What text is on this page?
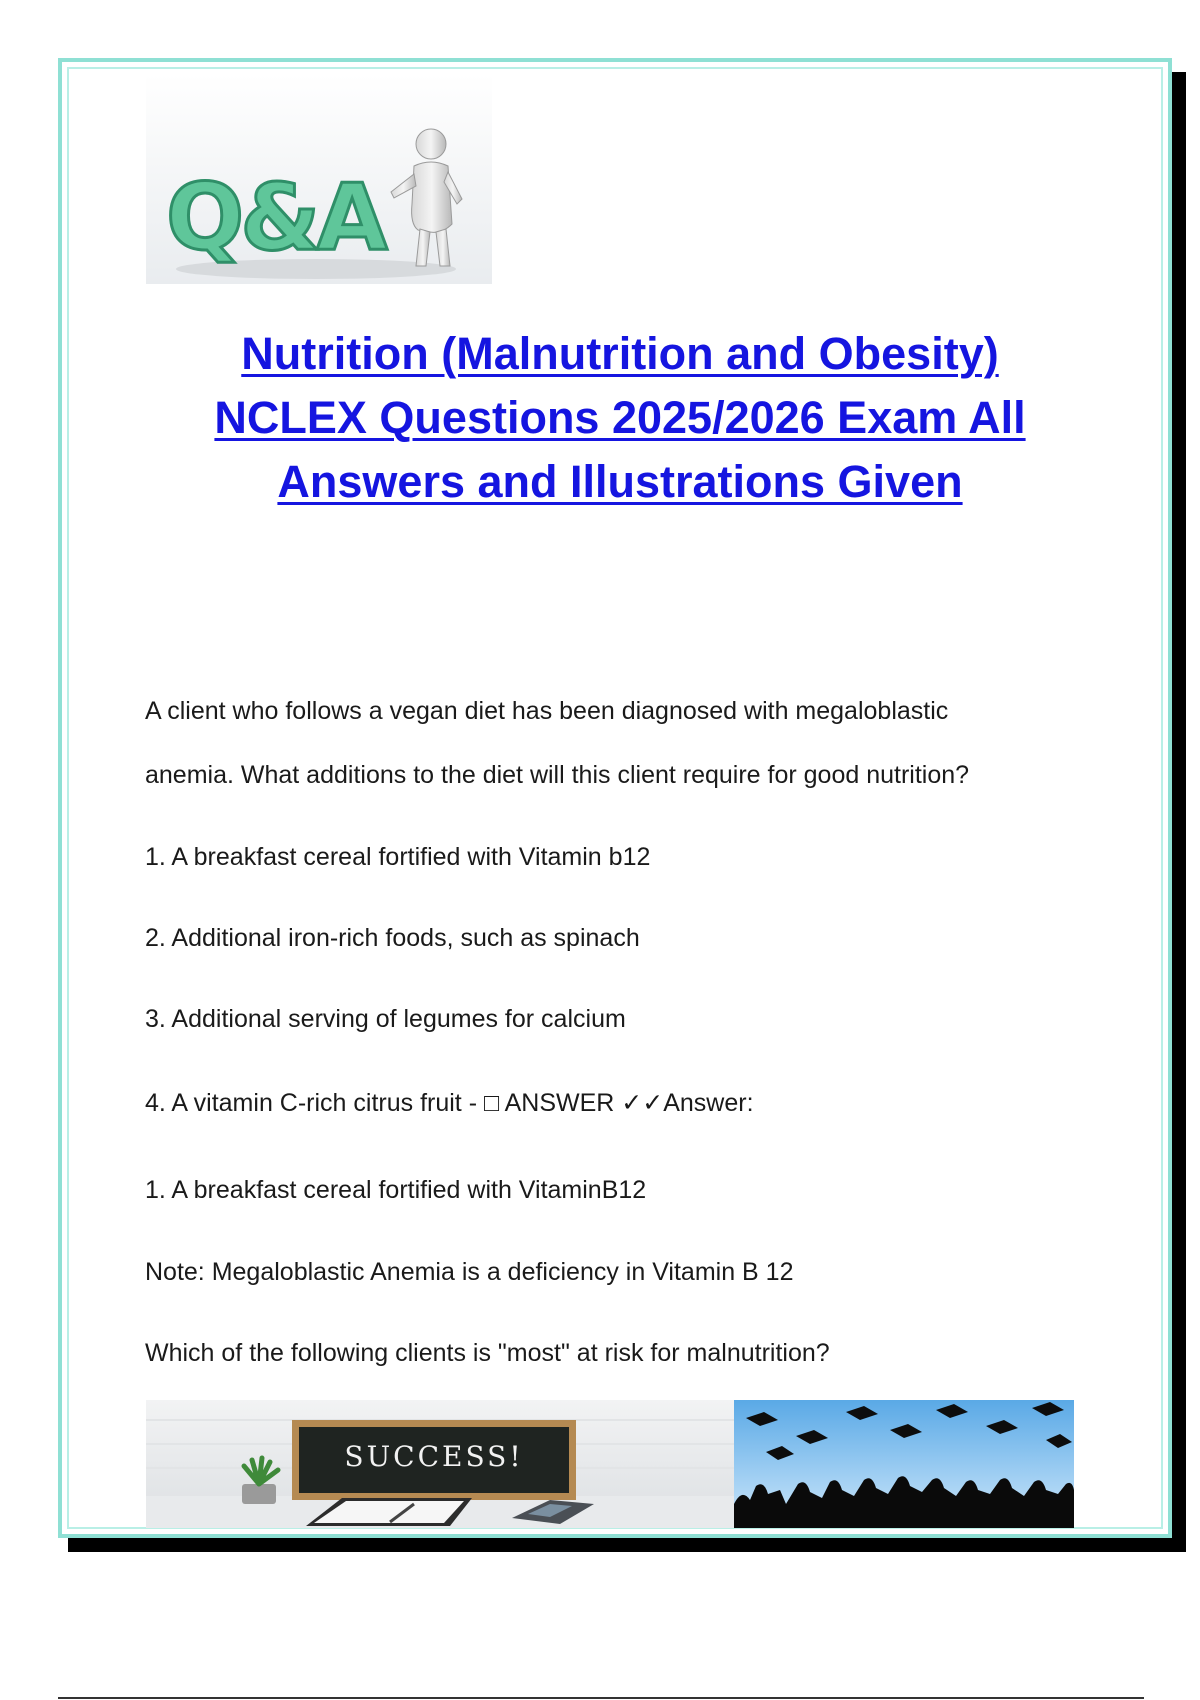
Q&A
Nutrition (Malnutrition and Obesity)
NCLEX Questions 2025/2026 Exam All
Answers and Illustrations Given
A client who follows a vegan diet has been diagnosed with megaloblastic
anemia. What additions to the diet will this client require for good nutrition?
1. A breakfast cereal fortified with Vitamin b12
2. Additional iron-rich foods, such as spinach
3. Additional serving of legumes for calcium
4. A vitamin C-rich citrus fruit - □ ANSWER ✓✓Answer:
1. A breakfast cereal fortified with VitaminB12
Note: Megaloblastic Anemia is a deficiency in Vitamin B 12
Which of the following clients is "most" at risk for malnutrition?
SUCCESS!
